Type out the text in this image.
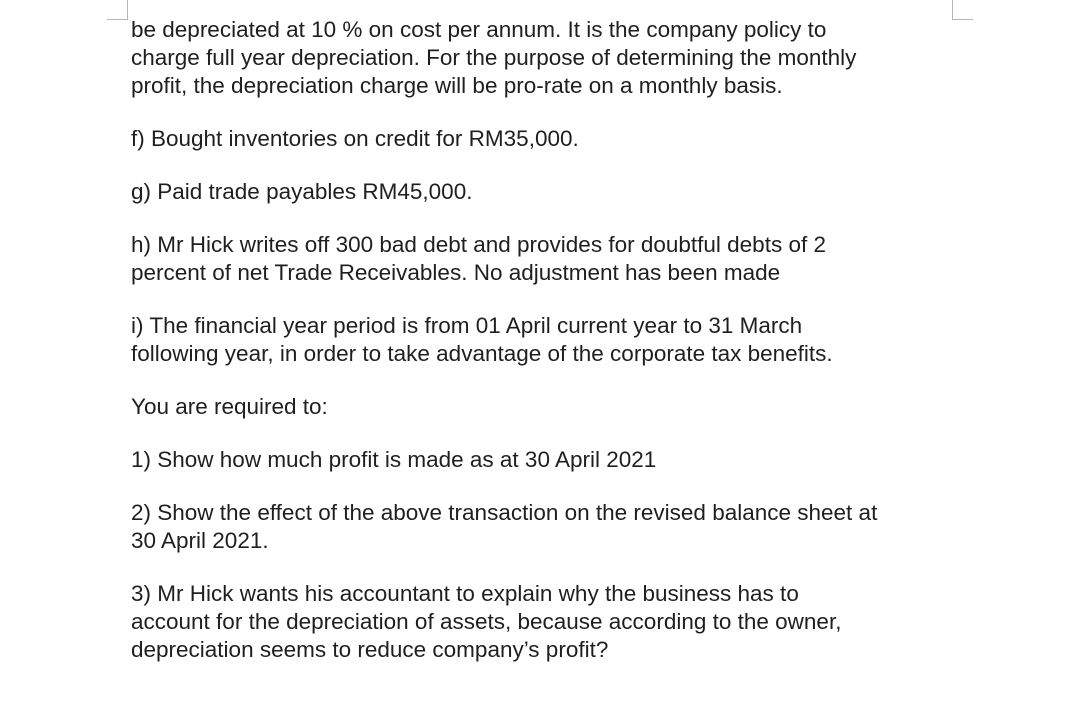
be depreciated at 10 % on cost per annum. It is the company policy to
charge full year depreciation. For the purpose of determining the monthly
profit, the depreciation charge will be pro-rate on a monthly basis.

f) Bought inventories on credit for RM35,000.

g) Paid trade payables RM45,000.

h) Mr Hick writes off 300 bad debt and provides for doubtful debts of 2
percent of net Trade Receivables. No adjustment has been made

i) The financial year period is from 01 April current year to 31 March
following year, in order to take advantage of the corporate tax benefits.

You are required to:

1) Show how much profit is made as at 30 April 2021

2) Show the effect of the above transaction on the revised balance sheet at
30 April 2021.

3) Mr Hick wants his accountant to explain why the business has to
account for the depreciation of assets, because according to the owner,
depreciation seems to reduce company’s profit?
